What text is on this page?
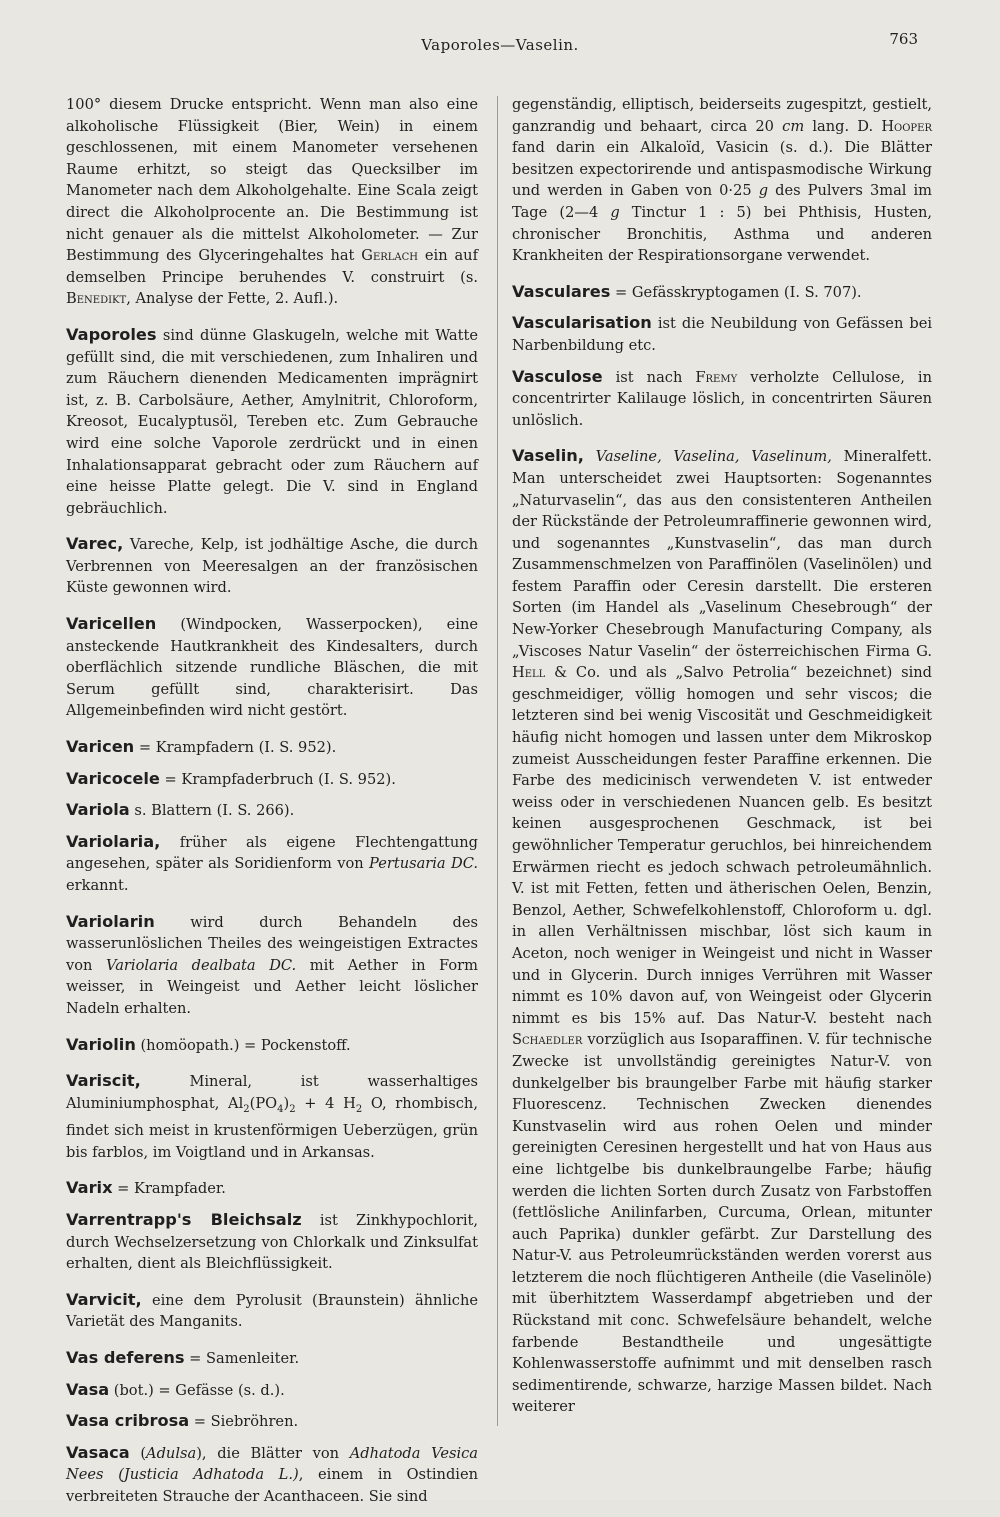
Vaporoles—Vaselin.	763

100° diesem Drucke entspricht. Wenn man also eine alkoholische Flüssigkeit (Bier, Wein) in einem geschlossenen, mit einem Manometer versehenen Raume erhitzt, so steigt das Quecksilber im Manometer nach dem Alkoholgehalte. Eine Scala zeigt direct die Alkoholprocente an. Die Bestimmung ist nicht genauer als die mittelst Alkoholometer. — Zur Bestimmung des Glyceringehaltes hat Gerlach ein auf demselben Principe beruhendes V. construirt (s. Benedikt, Analyse der Fette, 2. Aufl.).

Vaporoles sind dünne Glaskugeln, welche mit Watte gefüllt sind, die mit verschiedenen, zum Inhaliren und zum Räuchern dienenden Medicamenten imprägnirt ist, z. B. Carbolsäure, Aether, Amylnitrit, Chloroform, Kreosot, Eucalyptusöl, Tereben etc. Zum Gebrauche wird eine solche Vaporole zerdrückt und in einen Inhalationsapparat gebracht oder zum Räuchern auf eine heisse Platte gelegt. Die V. sind in England gebräuchlich.

Varec, Vareche, Kelp, ist jodhältige Asche, die durch Verbrennen von Meeresalgen an der französischen Küste gewonnen wird.

Varicellen (Windpocken, Wasserpocken), eine ansteckende Hautkrankheit des Kindesalters, durch oberflächlich sitzende rundliche Bläschen, die mit Serum gefüllt sind, charakterisirt. Das Allgemeinbefinden wird nicht gestört.

Varicen = Krampfadern (I. S. 952).

Varicocele = Krampfaderbruch (I. S. 952).

Variola s. Blattern (I. S. 266).

Variolaria, früher als eigene Flechtengattung angesehen, später als Soridienform von Pertusaria DC. erkannt.

Variolarin wird durch Behandeln des wasserunlöslichen Theiles des weingeistigen Extractes von Variolaria dealbata DC. mit Aether in Form weisser, in Weingeist und Aether leicht löslicher Nadeln erhalten.

Variolin (homöopath.) = Pockenstoff.

Variscit, Mineral, ist wasserhaltiges Aluminiumphosphat, $Al_2(PO_4)_2 + 4$ $H_2$ O, rhombisch, findet sich meist in krustenförmigen Ueberzügen, grün bis farblos, im Voigtland und in Arkansas.

Varix = Krampfader.

Varrentrapp's Bleichsalz ist Zinkhypochlorit, durch Wechselzersetzung von Chlorkalk und Zinksulfat erhalten, dient als Bleichflüssigkeit.

Varvicit, eine dem Pyrolusit (Braunstein) ähnliche Varietät des Manganits.

Vas deferens = Samenleiter.

Vasa (bot.) = Gefässe (s. d.).

Vasa cribrosa = Siebröhren.

Vasaca (Adulsa), die Blätter von Adhatoda Vesica Nees (Justicia Adhatoda L.), einem in Ostindien verbreiteten Strauche der Acanthaceen. Sie sind

gegenständig, elliptisch, beiderseits zugespitzt, gestielt, ganzrandig und behaart, circa 20 cm lang. D. Hooper fand darin ein Alkaloïd, Vasicin (s. d.). Die Blätter besitzen expectorirende und antispasmodische Wirkung und werden in Gaben von 0·25 g des Pulvers 3mal im Tage (2—4 g Tinctur 1 : 5) bei Phthisis, Husten, chronischer Bronchitis, Asthma und anderen Krankheiten der Respirationsorgane verwendet.

Vasculares = Gefässkryptogamen (I. S. 707).

Vascularisation ist die Neubildung von Gefässen bei Narbenbildung etc.

Vasculose ist nach Fremy verholzte Cellulose, in concentrirter Kalilauge löslich, in concentrirten Säuren unlöslich.

Vaselin, Vaseline, Vaselina, Vaselinum, Mineralfett. Man unterscheidet zwei Hauptsorten: Sogenanntes „Naturvaselin“, das aus den consistenteren Antheilen der Rückstände der Petroleumraffinerie gewonnen wird, und sogenanntes „Kunstvaselin“, das man durch Zusammenschmelzen von Paraffinölen (Vaselinölen) und festem Paraffin oder Ceresin darstellt. Die ersteren Sorten (im Handel als „Vaselinum Chesebrough“ der New-Yorker Chesebrough Manufacturing Company, als „Viscoses Natur Vaselin“ der österreichischen Firma G. Hell & Co. und als „Salvo Petrolia“ bezeichnet) sind geschmeidiger, völlig homogen und sehr viscos; die letzteren sind bei wenig Viscosität und Geschmeidigkeit häufig nicht homogen und lassen unter dem Mikroskop zumeist Ausscheidungen fester Paraffine erkennen. Die Farbe des medicinisch verwendeten V. ist entweder weiss oder in verschiedenen Nuancen gelb. Es besitzt keinen ausgesprochenen Geschmack, ist bei gewöhnlicher Temperatur geruchlos, bei hinreichendem Erwärmen riecht es jedoch schwach petroleumähnlich. V. ist mit Fetten, fetten und ätherischen Oelen, Benzin, Benzol, Aether, Schwefelkohlenstoff, Chloroform u. dgl. in allen Verhältnissen mischbar, löst sich kaum in Aceton, noch weniger in Weingeist und nicht in Wasser und in Glycerin. Durch inniges Verrühren mit Wasser nimmt es 10% davon auf, von Weingeist oder Glycerin nimmt es bis 15% auf. Das Natur-V. besteht nach Schaedler vorzüglich aus Isoparaffinen. V. für technische Zwecke ist unvollständig gereinigtes Natur-V. von dunkelgelber bis braungelber Farbe mit häufig starker Fluorescenz. Technischen Zwecken dienendes Kunstvaselin wird aus rohen Oelen und minder gereinigten Ceresinen hergestellt und hat von Haus aus eine lichtgelbe bis dunkelbraungelbe Farbe; häufig werden die lichten Sorten durch Zusatz von Farbstoffen (fettlösliche Anilinfarben, Curcuma, Orlean, mitunter auch Paprika) dunkler gefärbt. Zur Darstellung des Natur-V. aus Petroleumrückständen werden vorerst aus letzterem die noch flüchtigeren Antheile (die Vaselinöle) mit überhitztem Wasserdampf abgetrieben und der Rückstand mit conc. Schwefelsäure behandelt, welche farbende Bestandtheile und ungesättigte Kohlenwasserstoffe aufnimmt und mit denselben rasch sedimentirende, schwarze, harzige Massen bildet. Nach weiterer
